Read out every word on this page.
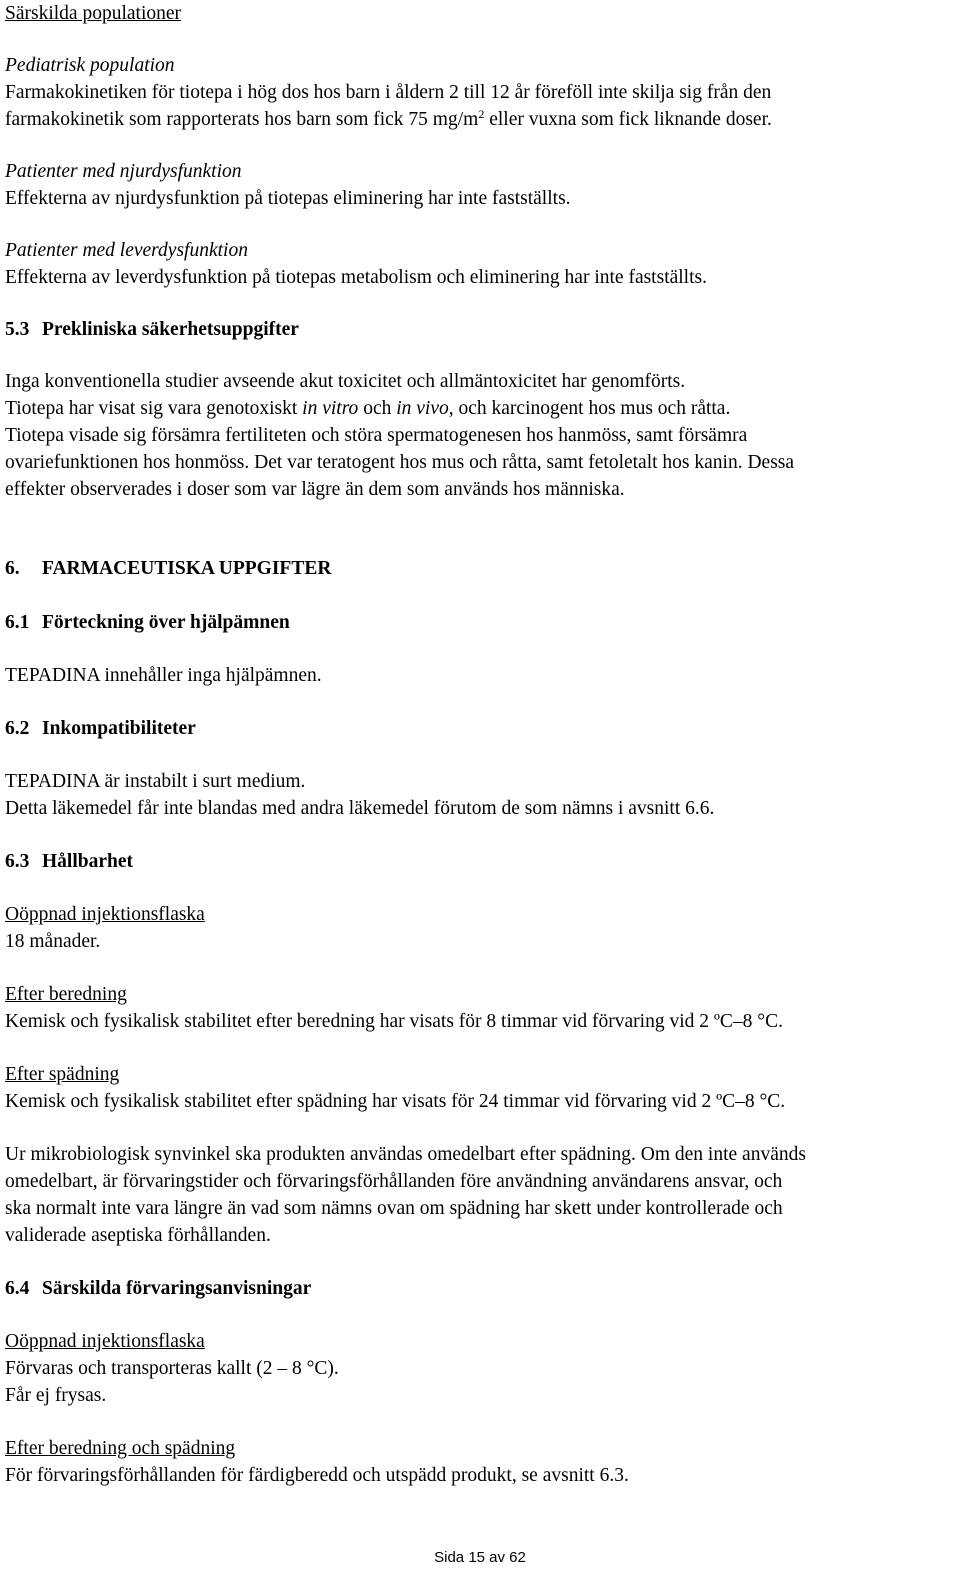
Särskilda populationer

Pediatrisk population

Farmakokinetiken för tiotepa i hög dos hos barn i åldern 2 till 12 år föreföll inte skilja sig från den

farmakokinetik som rapporterats hos barn som fick 75 $mg/m^2$ eller vuxna som fick liknande doser.

Patienter med njurdysfunktion

Effekterna av njurdysfunktion på tiotepas eliminering har inte fastställts.

Patienter med leverdysfunktion

Effekterna av leverdysfunktion på tiotepas metabolism och eliminering har inte fastställts.

5.3 Prekliniska säkerhetsuppgifter

Inga konventionella studier avseende akut toxicitet och allmäntoxicitet har genomförts.

Tiotepa har visat sig vara genotoxiskt in vitro och in vivo, och karcinogent hos mus och råtta.

Tiotepa visade sig försämra fertiliteten och störa spermatogenesen hos hanmöss, samt försämra

ovariefunktionen hos honmöss. Det var teratogent hos mus och råtta, samt fetoletalt hos kanin. Dessa

effekter observerades i doser som var lägre än dem som används hos människa.

6. FARMACEUTISKA UPPGIFTER

6.1 Förteckning över hjälpämnen

TEPADINA innehåller inga hjälpämnen.

6.2 Inkompatibiliteter

TEPADINA är instabilt i surt medium.

Detta läkemedel får inte blandas med andra läkemedel förutom de som nämns i avsnitt 6.6.

6.3 Hållbarhet

Oöppnad injektionsflaska

18 månader.

Efter beredning

Kemisk och fysikalisk stabilitet efter beredning har visats för 8 timmar vid förvaring vid 2 ºC–8 °C.

Efter spädning

Kemisk och fysikalisk stabilitet efter spädning har visats för 24 timmar vid förvaring vid 2 ºC–8 °C.

Ur mikrobiologisk synvinkel ska produkten användas omedelbart efter spädning. Om den inte används

omedelbart, är förvaringstider och förvaringsförhållanden före användning användarens ansvar, och

ska normalt inte vara längre än vad som nämns ovan om spädning har skett under kontrollerade och

validerade aseptiska förhållanden.

6.4 Särskilda förvaringsanvisningar

Oöppnad injektionsflaska

Förvaras och transporteras kallt (2 – 8 °C).

Får ej frysas.

Efter beredning och spädning

För förvaringsförhållanden för färdigberedd och utspädd produkt, se avsnitt 6.3.

Sida 15 av 62
